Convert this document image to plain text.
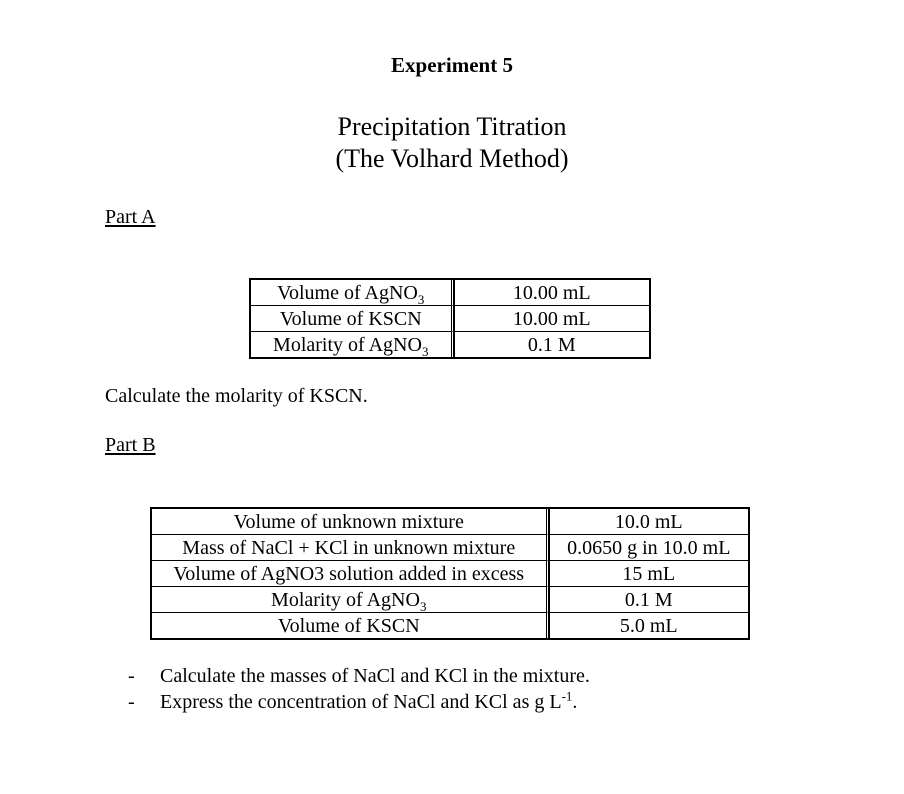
Experiment 5
Precipitation Titration
(The Volhard Method)
Part A
Volume of AgNO$_3$	10.00 mL
Volume of KSCN	10.00 mL
Molarity of AgNO$_3$	0.1 M
Calculate the molarity of KSCN.
Part B
Volume of unknown mixture	10.0 mL
Mass of NaCl + KCl in unknown mixture	0.0650 g in 10.0 mL
Volume of AgNO3 solution added in excess	15 mL
Molarity of AgNO$_3$	0.1 M
Volume of KSCN	5.0 mL
-	Calculate the masses of NaCl and KCl in the mixture.
-	Express the concentration of NaCl and KCl as g $L^{-1}$.
